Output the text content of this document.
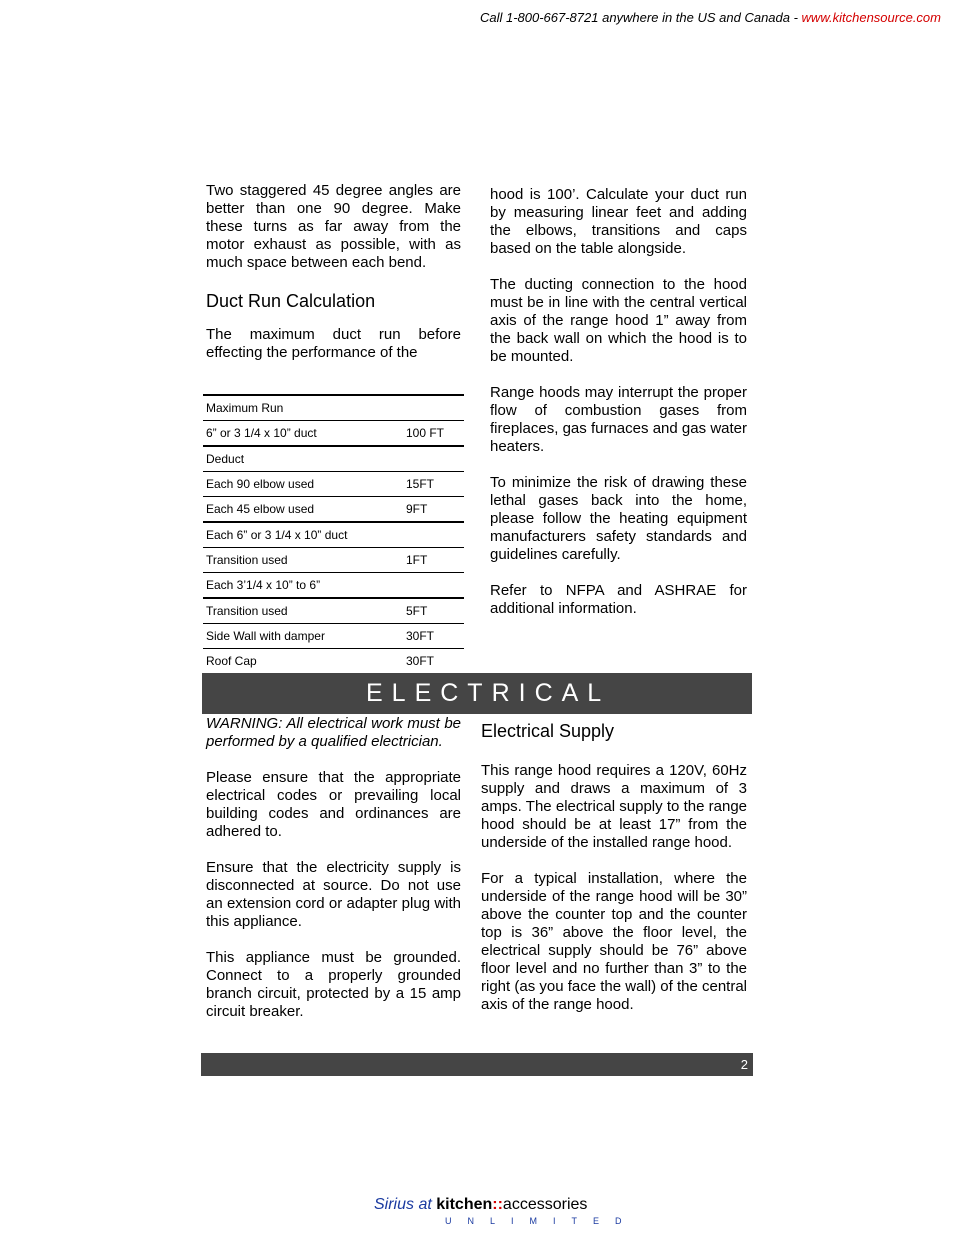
Call 1-800-667-8721 anywhere in the US and Canada - www.kitchensource.com

Two staggered 45 degree angles are better than one 90 degree. Make these turns as far away from the motor exhaust as possible, with as much space between each bend.

Duct Run Calculation

The maximum duct run before effecting the performance of the

Maximum Run	
6” or 3 1/4 x 10” duct	100 FT
Deduct	
Each 90 elbow used	15FT
Each 45 elbow used	9FT
Each 6” or 3 1/4 x 10” duct	
Transition used	1FT
Each 3’1/4 x 10” to 6”	
Transition used	5FT
Side Wall with damper	30FT
Roof Cap	30FT

hood is 100’. Calculate your duct run by measuring linear feet and adding the elbows, transitions and caps based on the table alongside.

The ducting connection to the hood must be in line with the central vertical axis of the range hood 1” away from the back wall on which the hood is to be mounted.

Range hoods may interrupt the proper flow of combustion gases from fireplaces, gas furnaces and gas water heaters.

To minimize the risk of drawing these lethal gases back into the home, please follow the heating equipment manufacturers safety standards and guidelines carefully.

Refer to NFPA and ASHRAE for additional information.

ELECTRICAL

WARNING: All electrical work must be performed by a qualified electrician.

Please ensure that the appropriate electrical codes or prevailing local building codes and ordinances are adhered to.

Ensure that the electricity supply is disconnected at source. Do not use an extension cord or adapter plug with this appliance.

This appliance must be grounded. Connect to a properly grounded branch circuit, protected by a 15 amp circuit breaker.

Electrical Supply

This range hood requires a 120V, 60Hz supply and draws a maximum of 3 amps. The electrical supply to the range hood should be at least 17” from the underside of the installed range hood.

For a typical installation, where the underside of the range hood will be 30” above the counter top and the counter top is 36” above the floor level, the electrical supply should be 76” above floor level and no further than 3” to the right (as you face the wall) of the central axis of the range hood.

2
Sirius at kitchen::accessories
UNLIMITED
